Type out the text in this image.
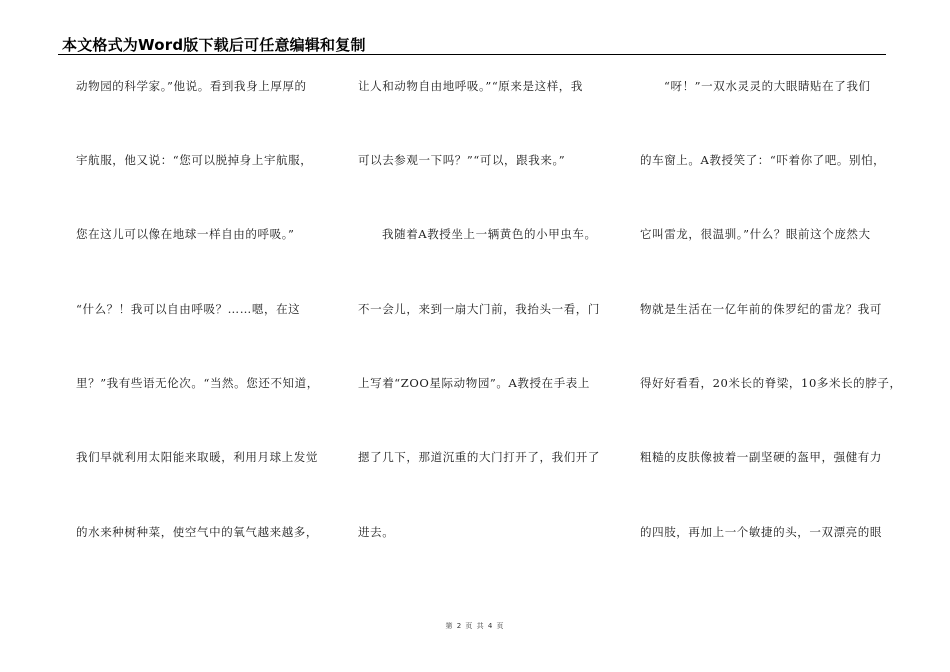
本文格式为Word版下载后可任意编辑和复制
动物园的科学家。”他说。看到我身上厚厚的
宇航服，他又说：“您可以脱掉身上宇航服，
您在这儿可以像在地球一样自由的呼吸。”
“什么？！我可以自由呼吸？……嗯，在这
里？”我有些语无伦次。“当然。您还不知道，
我们早就利用太阳能来取暖，利用月球上发觉
的水来种树种菜，使空气中的氧气越来越多，
让人和动物自由地呼吸。”“原来是这样，我
可以去参观一下吗？”“可以，跟我来。”
我随着A教授坐上一辆黄色的小甲虫车。
不一会儿，来到一扇大门前，我抬头一看，门
上写着“ZOO星际动物园”。A教授在手表上
摁了几下，那道沉重的大门打开了，我们开了
进去。
“呀！”一双水灵灵的大眼睛贴在了我们
的车窗上。A教授笑了：“吓着你了吧。别怕，
它叫雷龙，很温驯。”什么？眼前这个庞然大
物就是生活在一亿年前的侏罗纪的雷龙？我可
得好好看看，20米长的脊梁，10多米长的脖子，
粗糙的皮肤像披着一副坚硬的盔甲，强健有力
的四肢，再加上一个敏捷的头，一双漂亮的眼
第 2 页 共 4 页
